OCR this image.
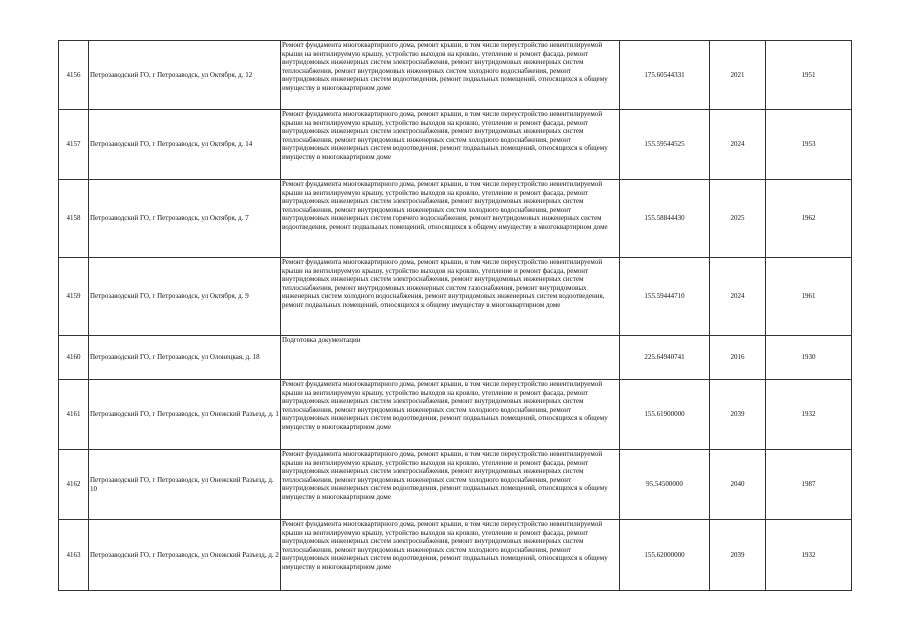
4156	Петрозаводский ГО, г Петрозаводск, ул Октября, д. 12	Ремонт фундамента многоквартирного дома, ремонт крыши, в том числе переустройство невентилируемой крыши на вентилируемую крышу, устройство выходов на кровлю, утепление и ремонт фасада, ремонт внутридомовых инженерных систем электроснабжения, ремонт внутридомовых инженерных систем теплоснабжения, ремонт внутридомовых инженерных систем холодного водоснабжения, ремонт внутридомовых инженерных систем водоотведения, ремонт подвальных помещений, относящихся к общему имуществу в многоквартирном доме	175.60544331	2021	1951
4157	Петрозаводский ГО, г Петрозаводск, ул Октября, д. 14	Ремонт фундамента многоквартирного дома, ремонт крыши, в том числе переустройство невентилируемой крыши на вентилируемую крышу, устройство выходов на кровлю, утепление и ремонт фасада, ремонт внутридомовых инженерных систем электроснабжения, ремонт внутридомовых инженерных систем теплоснабжения, ремонт внутридомовых инженерных систем холодного водоснабжения, ремонт внутридомовых инженерных систем водоотведения, ремонт подвальных помещений, относящихся к общему имуществу в многоквартирном доме	155.59544525	2024	1953
4158	Петрозаводский ГО, г Петрозаводск, ул Октября, д. 7	Ремонт фундамента многоквартирного дома, ремонт крыши, в том числе переустройство невентилируемой крыши на вентилируемую крышу, устройство выходов на кровлю, утепление и ремонт фасада, ремонт внутридомовых инженерных систем электроснабжения, ремонт внутридомовых инженерных систем теплоснабжения, ремонт внутридомовых инженерных систем холодного водоснабжения, ремонт внутридомовых инженерных систем горячего водоснабжения, ремонт внутридомовых инженерных систем водоотведения, ремонт подвальных помещений, относящихся к общему имуществу в многоквартирном доме	155.58844430	2025	1962
4159	Петрозаводский ГО, г Петрозаводск, ул Октября, д. 9	Ремонт фундамента многоквартирного дома, ремонт крыши, в том числе переустройство невентилируемой крыши на вентилируемую крышу, устройство выходов на кровлю, утепление и ремонт фасада, ремонт внутридомовых инженерных систем электроснабжения, ремонт внутридомовых инженерных систем теплоснабжения, ремонт внутридомовых инженерных систем газоснабжения, ремонт внутридомовых инженерных систем холодного водоснабжения, ремонт внутридомовых инженерных систем водоотведения, ремонт подвальных помещений, относящихся к общему имуществу в многоквартирном доме	155.59444710	2024	1961
4160	Петрозаводский ГО, г Петрозаводск, ул Олонецкая, д. 18	Подготовка документации	225.64940741	2016	1930
4161	Петрозаводский ГО, г Петрозаводск, ул Онежский Разъезд, д. 1	Ремонт фундамента многоквартирного дома, ремонт крыши, в том числе переустройство невентилируемой крыши на вентилируемую крышу, устройство выходов на кровлю, утепление и ремонт фасада, ремонт внутридомовых инженерных систем электроснабжения, ремонт внутридомовых инженерных систем теплоснабжения, ремонт внутридомовых инженерных систем холодного водоснабжения, ремонт внутридомовых инженерных систем водоотведения, ремонт подвальных помещений, относящихся к общему имуществу в многоквартирном доме	155.61900000	2039	1932
4162	Петрозаводский ГО, г Петрозаводск, ул Онежский Разъезд, д. 10	Ремонт фундамента многоквартирного дома, ремонт крыши, в том числе переустройство невентилируемой крыши на вентилируемую крышу, устройство выходов на кровлю, утепление и ремонт фасада, ремонт внутридомовых инженерных систем электроснабжения, ремонт внутридомовых инженерных систем теплоснабжения, ремонт внутридомовых инженерных систем холодного водоснабжения, ремонт внутридомовых инженерных систем водоотведения, ремонт подвальных помещений, относящихся к общему имуществу в многоквартирном доме	95.54500000	2040	1987
4163	Петрозаводский ГО, г Петрозаводск, ул Онежский Разъезд, д. 2	Ремонт фундамента многоквартирного дома, ремонт крыши, в том числе переустройство невентилируемой крыши на вентилируемую крышу, устройство выходов на кровлю, утепление и ремонт фасада, ремонт внутридомовых инженерных систем электроснабжения, ремонт внутридомовых инженерных систем теплоснабжения, ремонт внутридомовых инженерных систем холодного водоснабжения, ремонт внутридомовых инженерных систем водоотведения, ремонт подвальных помещений, относящихся к общему имуществу в многоквартирном доме	155.62000000	2039	1932
